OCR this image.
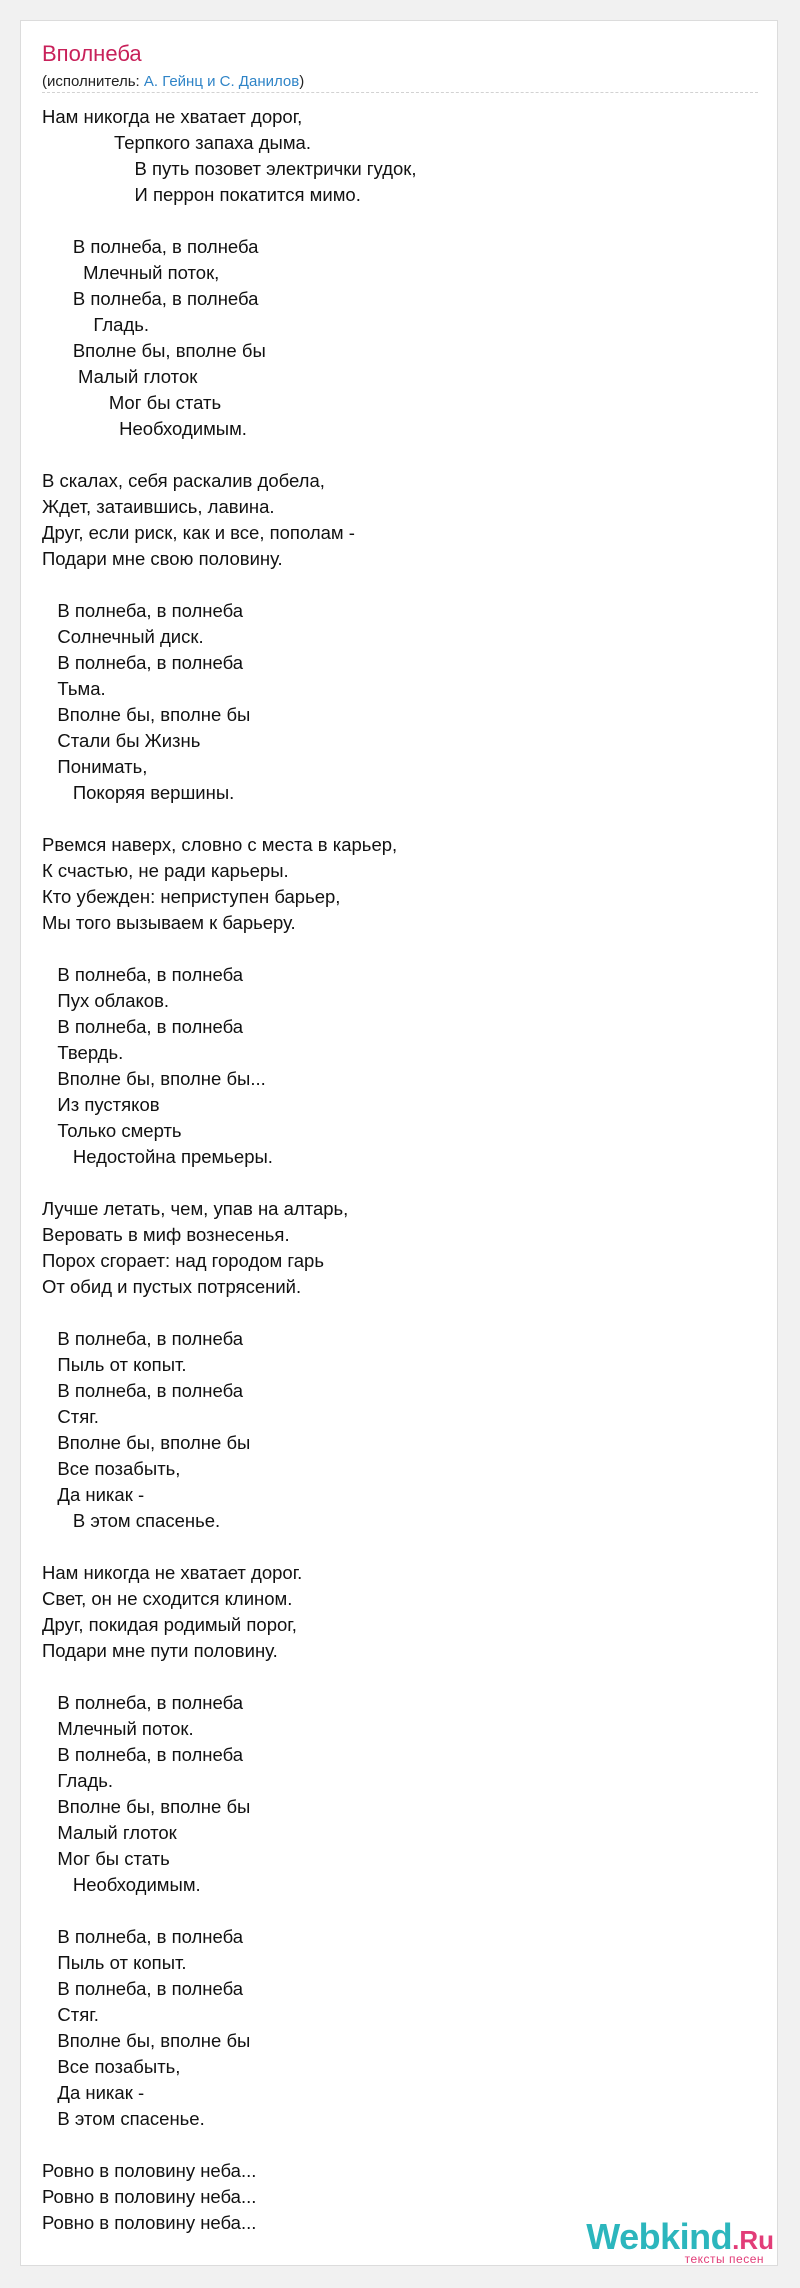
Вполнеба
(исполнитель: А. Гейнц и С. Данилов)
Нам никогда не хватает дорог,
Терпкого запаха дыма.
В путь позовет электрички гудок,
И перрон покатится мимо.

В полнеба, в полнеба
Млечный поток,
В полнеба, в полнеба
Гладь.
Вполне бы, вполне бы
Малый глоток
Мог бы стать
Необходимым.

В скалах, себя раскалив добела,
Ждет, затаившись, лавина.
Друг, если риск, как и все, пополам -
Подари мне свою половину.

В полнеба, в полнеба
Солнечный диск.
В полнеба, в полнеба
Тьма.
Вполне бы, вполне бы
Стали бы Жизнь
Понимать,
Покоряя вершины.

Рвемся наверх, словно с места в карьер,
К счастью, не ради карьеры.
Кто убежден: неприступен барьер,
Мы того вызываем к барьеру.

В полнеба, в полнеба
Пух облаков.
В полнеба, в полнеба
Твердь.
Вполне бы, вполне бы...
Из пустяков
Только смерть
Недостойна премьеры.

Лучше летать, чем, упав на алтарь,
Веровать в миф вознесенья.
Порох сгорает: над городом гарь
От обид и пустых потрясений.

В полнеба, в полнеба
Пыль от копыт.
В полнеба, в полнеба
Стяг.
Вполне бы, вполне бы
Все позабыть,
Да никак -
В этом спасенье.

Нам никогда не хватает дорог.
Свет, он не сходится клином.
Друг, покидая родимый порог,
Подари мне пути половину.

В полнеба, в полнеба
Млечный поток.
В полнеба, в полнеба
Гладь.
Вполне бы, вполне бы
Малый глоток
Мог бы стать
Необходимым.

В полнеба, в полнеба
Пыль от копыт.
В полнеба, в полнеба
Стяг.
Вполне бы, вполне бы
Все позабыть,
Да никак -
В этом спасенье.

Ровно в половину неба...
Ровно в половину неба...
Ровно в половину неба...	Webkind.Ru
тексты песен
